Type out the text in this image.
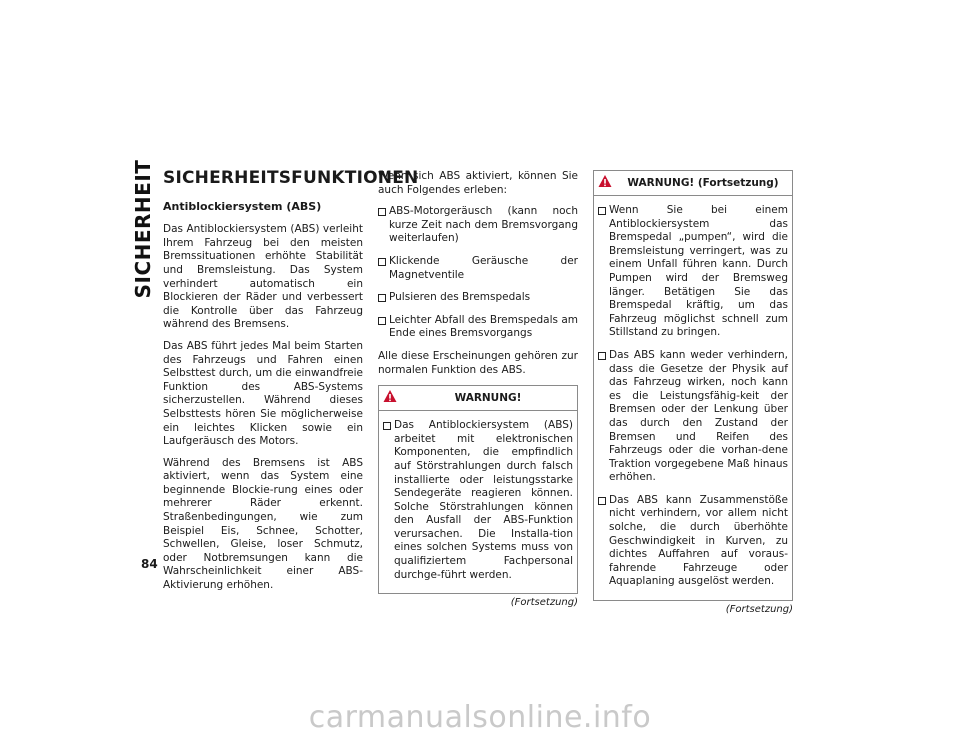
SICHERHEIT
84
SICHERHEITSFUNKTIONEN
Antiblockiersystem (ABS)

Das Antiblockiersystem (ABS) verleiht Ihrem Fahrzeug bei den meisten Bremssituationen erhöhte Stabilität und Bremsleistung. Das System verhindert automatisch ein Blockieren der Räder und verbessert die Kontrolle über das Fahrzeug während des Bremsens.

Das ABS führt jedes Mal beim Starten des Fahrzeugs und Fahren einen Selbsttest durch, um die einwandfreie Funktion des ABS-Systems sicherzustellen. Während dieses Selbsttests hören Sie möglicherweise ein leichtes Klicken sowie ein Laufgeräusch des Motors.

Während des Bremsens ist ABS aktiviert, wenn das System eine beginnende Blockie-rung eines oder mehrerer Räder erkennt. Straßenbedingungen, wie zum Beispiel Eis, Schnee, Schotter, Schwellen, Gleise, loser Schmutz, oder Notbremsungen kann die Wahrscheinlichkeit einer ABS-Aktivierung erhöhen.

Wenn sich ABS aktiviert, können Sie auch Folgendes erleben:

ABS-Motorgeräusch (kann noch kurze Zeit nach dem Bremsvorgang weiterlaufen)
Klickende Geräusche der Magnetventile
Pulsieren des Bremspedals
Leichter Abfall des Bremspedals am Ende eines Bremsvorgangs

Alle diese Erscheinungen gehören zur normalen Funktion des ABS.

WARNUNG!
Das Antiblockiersystem (ABS) arbeitet mit elektronischen Komponenten, die empfindlich auf Störstrahlungen durch falsch installierte oder leistungsstarke Sendegeräte reagieren können. Solche Störstrahlungen können den Ausfall der ABS-Funktion verursachen. Die Installa-tion eines solchen Systems muss von qualifiziertem Fachpersonal durchge-führt werden.
(Fortsetzung)
WARNUNG! (Fortsetzung)
Wenn Sie bei einem Antiblockiersystem das Bremspedal „pumpen“, wird die Bremsleistung verringert, was zu einem Unfall führen kann. Durch Pumpen wird der Bremsweg länger. Betätigen Sie das Bremspedal kräftig, um das Fahrzeug möglichst schnell zum Stillstand zu bringen.
Das ABS kann weder verhindern, dass die Gesetze der Physik auf das Fahrzeug wirken, noch kann es die Leistungsfähig-keit der Bremsen oder der Lenkung über das durch den Zustand der Bremsen und Reifen des Fahrzeugs oder die vorhan-dene Traktion vorgegebene Maß hinaus erhöhen.
Das ABS kann Zusammenstöße nicht verhindern, vor allem nicht solche, die durch überhöhte Geschwindigkeit in Kurven, zu dichtes Auffahren auf voraus-fahrende Fahrzeuge oder Aquaplaning ausgelöst werden.
(Fortsetzung)
carmanualsonline.info
